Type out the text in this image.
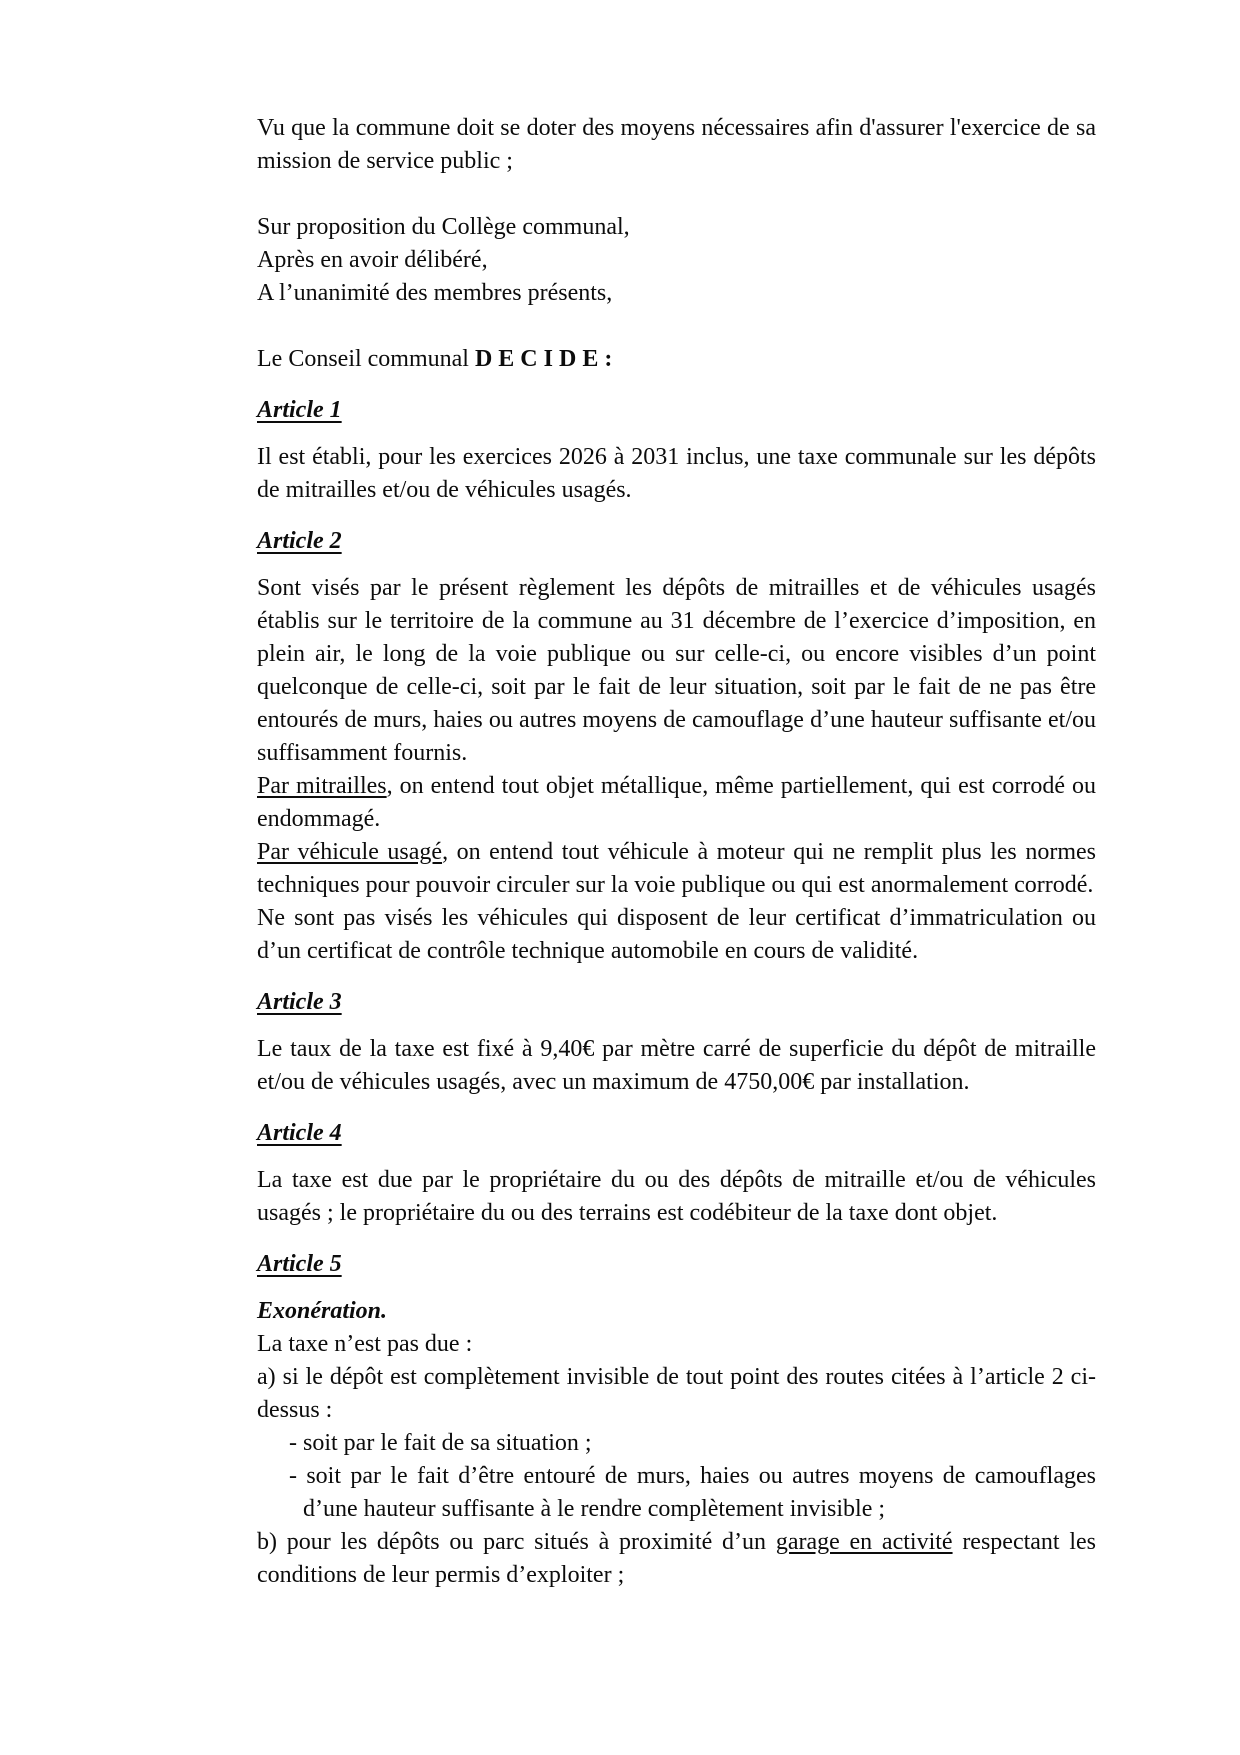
Vu que la commune doit se doter des moyens nécessaires afin d'assurer l'exercice de sa mission de service public ;

Sur proposition du Collège communal,

Après en avoir délibéré,

A l’unanimité des membres présents,

Le Conseil communal D E C I D E :

Article 1

Il est établi, pour les exercices 2026 à 2031 inclus, une taxe communale sur les dépôts de mitrailles et/ou de véhicules usagés.

Article 2

Sont visés par le présent règlement les dépôts de mitrailles et de véhicules usagés établis sur le territoire de la commune au 31 décembre de l’exercice d’imposition, en plein air, le long de la voie publique ou sur celle-ci, ou encore visibles d’un point quelconque de celle-ci, soit par le fait de leur situation, soit par le fait de ne pas être entourés de murs, haies ou autres moyens de camouflage d’une hauteur suffisante et/ou suffisamment fournis.

Par mitrailles, on entend tout objet métallique, même partiellement, qui est corrodé ou endommagé.

Par véhicule usagé, on entend tout véhicule à moteur qui ne remplit plus les normes techniques pour pouvoir circuler sur la voie publique ou qui est anormalement corrodé.

Ne sont pas visés les véhicules qui disposent de leur certificat d’immatriculation ou d’un certificat de contrôle technique automobile en cours de validité.

Article 3

Le taux de la taxe est fixé à 9,40€ par mètre carré de superficie du dépôt de mitraille et/ou de véhicules usagés, avec un maximum de 4750,00€ par installation.

Article 4

La taxe est due par le propriétaire du ou des dépôts de mitraille et/ou de véhicules usagés ; le propriétaire du ou des terrains est codébiteur de la taxe dont objet.

Article 5

Exonération.

La taxe n’est pas due :

a) si le dépôt est complètement invisible de tout point des routes citées à l’article 2 ci-dessus :

- soit par le fait de sa situation ;

- soit par le fait d’être entouré de murs, haies ou autres moyens de camouflages d’une hauteur suffisante à le rendre complètement invisible ;

b) pour les dépôts ou parc situés à proximité d’un garage en activité respectant les conditions de leur permis d’exploiter ;
